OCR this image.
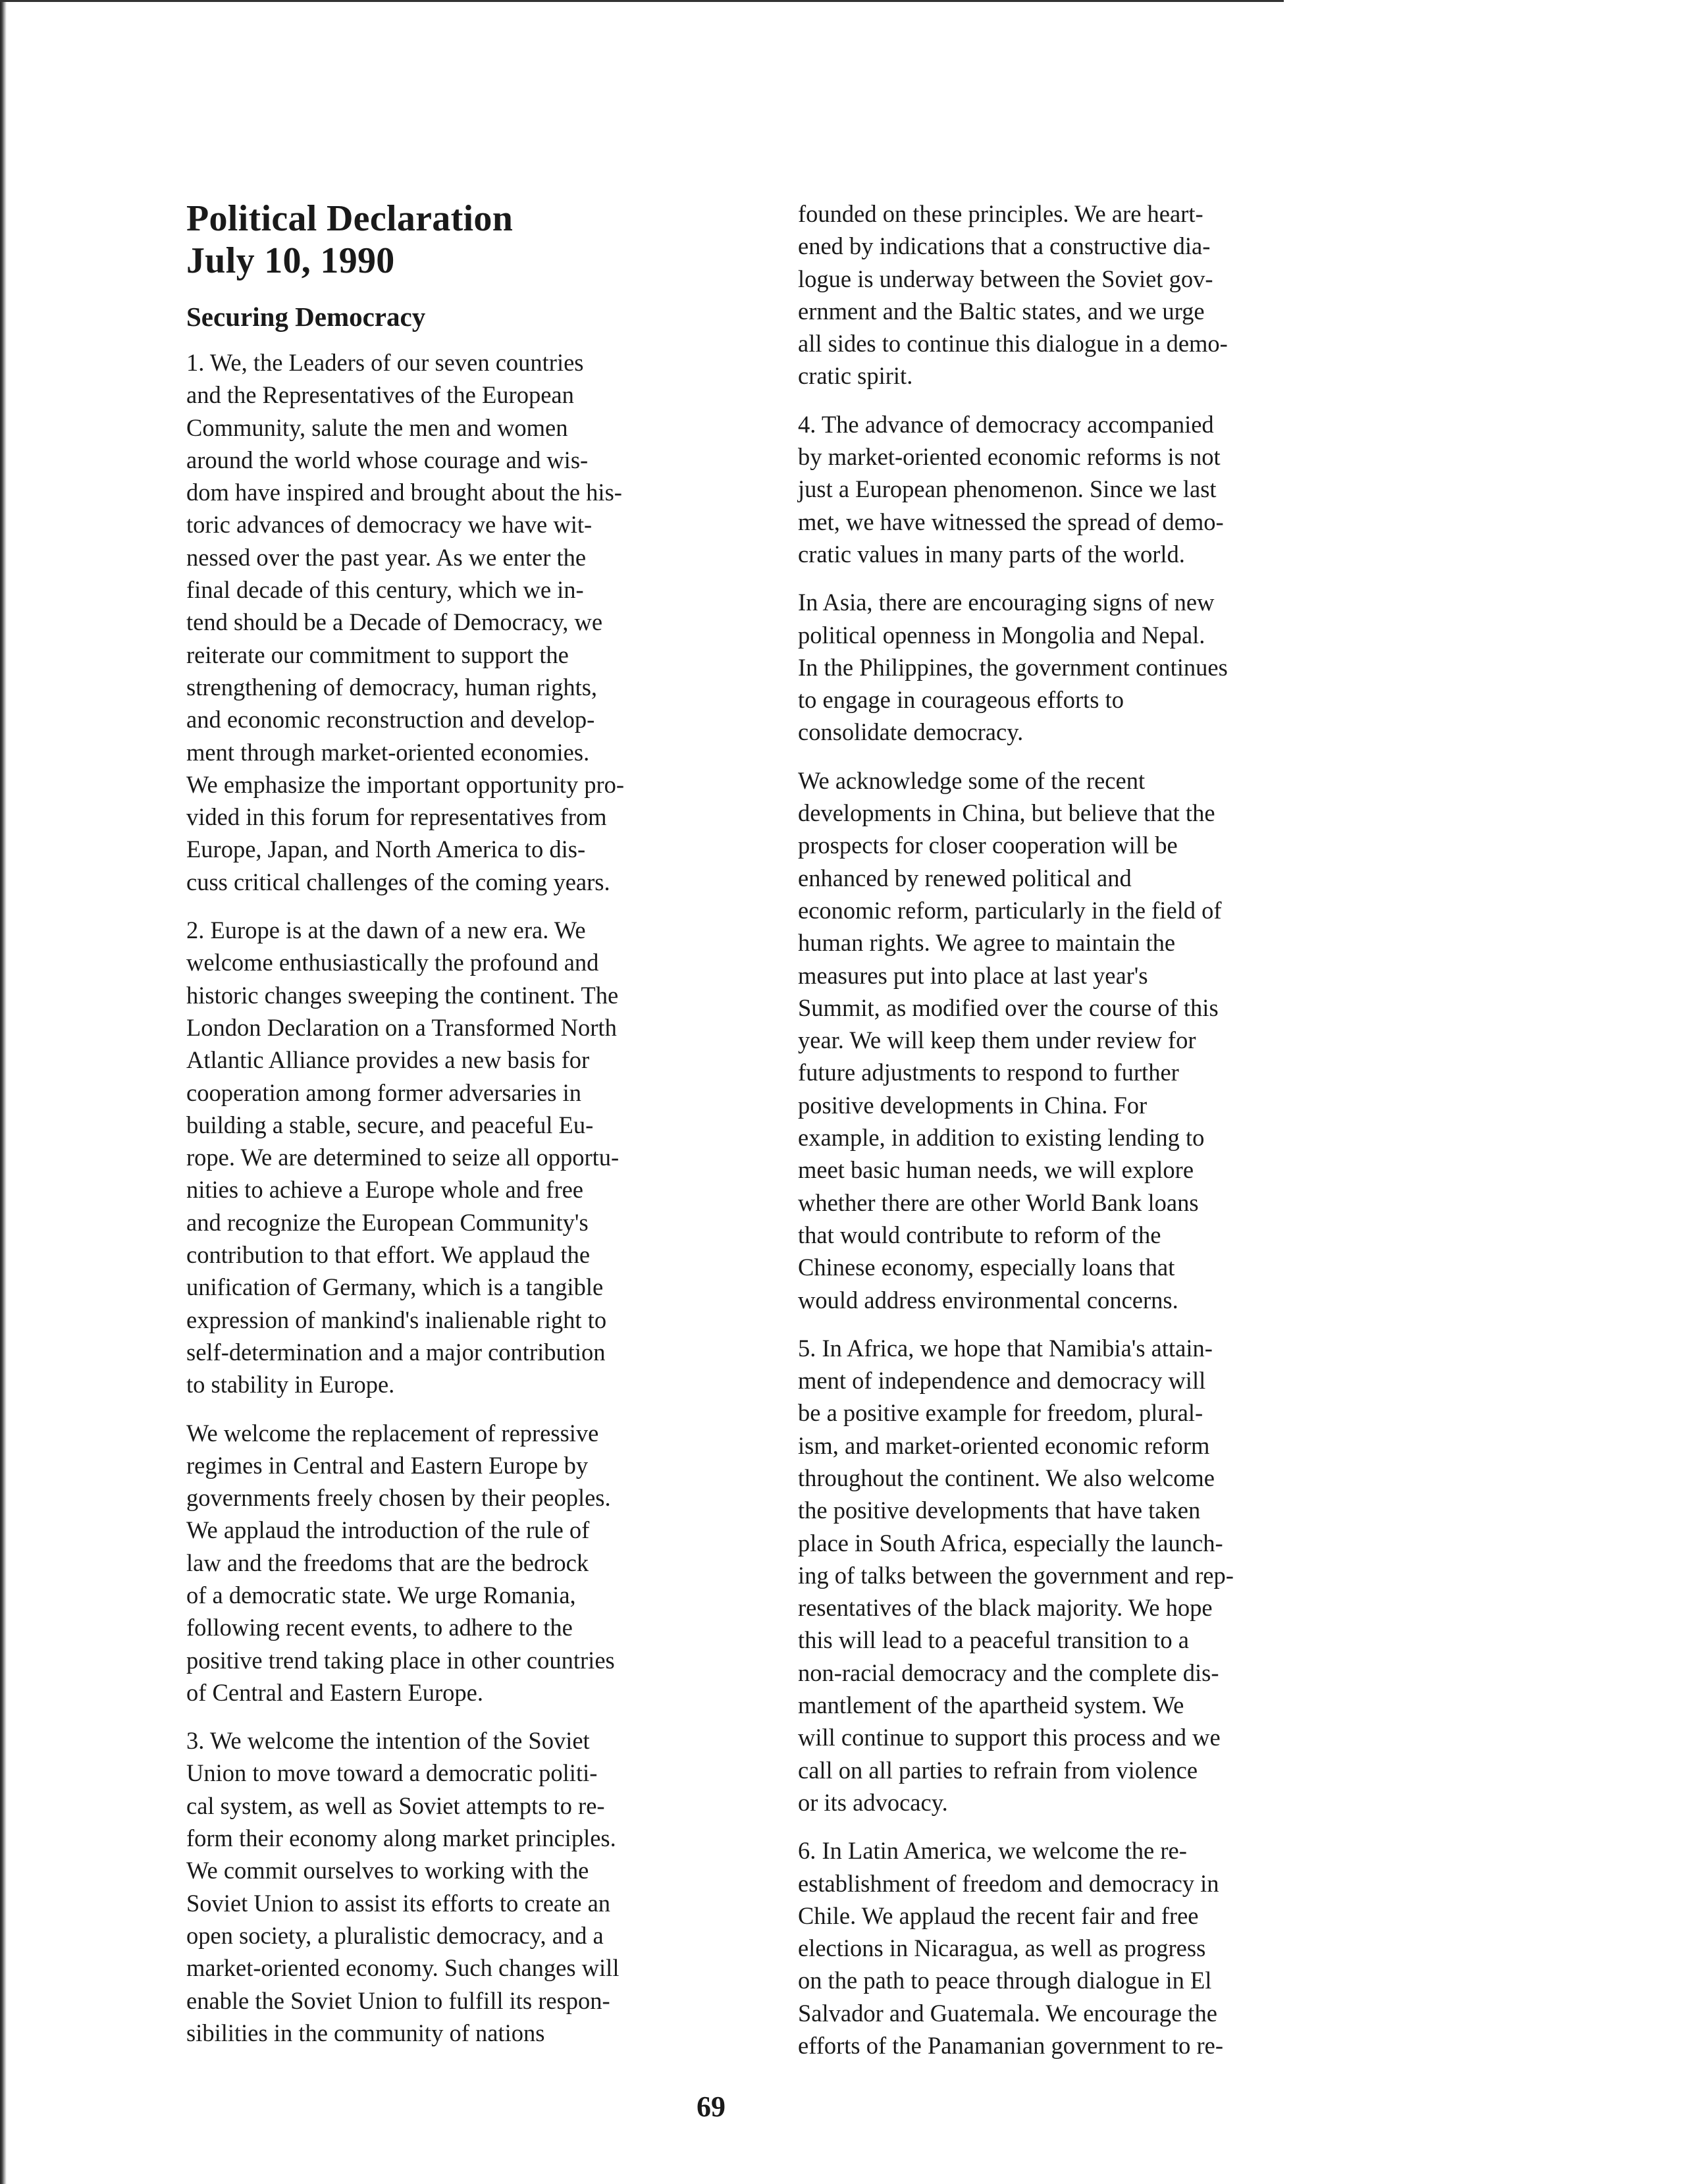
Political Declaration
July 10, 1990
Securing Democracy

1. We, the Leaders of our seven countries
and the Representatives of the European
Community, salute the men and women
around the world whose courage and wis-
dom have inspired and brought about the his-
toric advances of democracy we have wit-
nessed over the past year. As we enter the
final decade of this century, which we in-
tend should be a Decade of Democracy, we
reiterate our commitment to support the
strengthening of democracy, human rights,
and economic reconstruction and develop-
ment through market-oriented economies.
We emphasize the important opportunity pro-
vided in this forum for representatives from
Europe, Japan, and North America to dis-
cuss critical challenges of the coming years.

2. Europe is at the dawn of a new era. We
welcome enthusiastically the profound and
historic changes sweeping the continent. The
London Declaration on a Transformed North
Atlantic Alliance provides a new basis for
cooperation among former adversaries in
building a stable, secure, and peaceful Eu-
rope. We are determined to seize all opportu-
nities to achieve a Europe whole and free
and recognize the European Community's
contribution to that effort. We applaud the
unification of Germany, which is a tangible
expression of mankind's inalienable right to
self-determination and a major contribution
to stability in Europe.

We welcome the replacement of repressive
regimes in Central and Eastern Europe by
governments freely chosen by their peoples.
We applaud the introduction of the rule of
law and the freedoms that are the bedrock
of a democratic state. We urge Romania,
following recent events, to adhere to the
positive trend taking place in other countries
of Central and Eastern Europe.

3. We welcome the intention of the Soviet
Union to move toward a democratic politi-
cal system, as well as Soviet attempts to re-
form their economy along market principles.
We commit ourselves to working with the
Soviet Union to assist its efforts to create an
open society, a pluralistic democracy, and a
market-oriented economy. Such changes will
enable the Soviet Union to fulfill its respon-
sibilities in the community of nations

founded on these principles. We are heart-
ened by indications that a constructive dia-
logue is underway between the Soviet gov-
ernment and the Baltic states, and we urge
all sides to continue this dialogue in a demo-
cratic spirit.

4. The advance of democracy accompanied
by market-oriented economic reforms is not
just a European phenomenon. Since we last
met, we have witnessed the spread of demo-
cratic values in many parts of the world.

In Asia, there are encouraging signs of new
political openness in Mongolia and Nepal.
In the Philippines, the government continues
to engage in courageous efforts to
consolidate democracy.

We acknowledge some of the recent
developments in China, but believe that the
prospects for closer cooperation will be
enhanced by renewed political and
economic reform, particularly in the field of
human rights. We agree to maintain the
measures put into place at last year's
Summit, as modified over the course of this
year. We will keep them under review for
future adjustments to respond to further
positive developments in China. For
example, in addition to existing lending to
meet basic human needs, we will explore
whether there are other World Bank loans
that would contribute to reform of the
Chinese economy, especially loans that
would address environmental concerns.

5. In Africa, we hope that Namibia's attain-
ment of independence and democracy will
be a positive example for freedom, plural-
ism, and market-oriented economic reform
throughout the continent. We also welcome
the positive developments that have taken
place in South Africa, especially the launch-
ing of talks between the government and rep-
resentatives of the black majority. We hope
this will lead to a peaceful transition to a
non-racial democracy and the complete dis-
mantlement of the apartheid system. We
will continue to support this process and we
call on all parties to refrain from violence
or its advocacy.

6. In Latin America, we welcome the re-
establishment of freedom and democracy in
Chile. We applaud the recent fair and free
elections in Nicaragua, as well as progress
on the path to peace through dialogue in El
Salvador and Guatemala. We encourage the
efforts of the Panamanian government to re-

69
